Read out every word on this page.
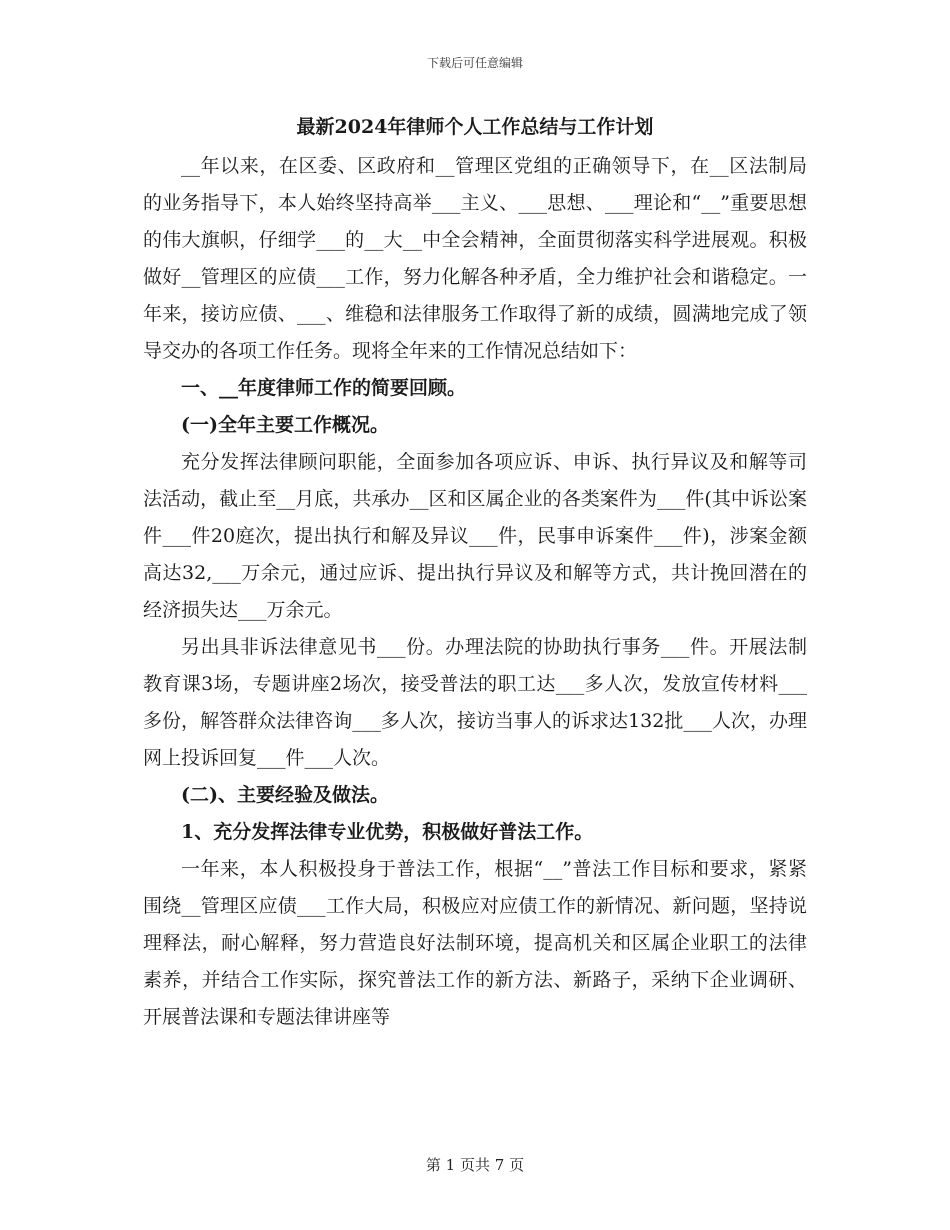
下载后可任意编辑
最新2024年律师个人工作总结与工作计划

__年以来，在区委、区政府和__管理区党组的正确领导下，在__区法制局的业务指导下，本人始终坚持高举___主义、___思想、___理论和“__”重要思想的伟大旗帜，仔细学___的__大__中全会精神，全面贯彻落实科学进展观。积极做好__管理区的应债___工作，努力化解各种矛盾，全力维护社会和谐稳定。一年来，接访应债、___、维稳和法律服务工作取得了新的成绩，圆满地完成了领导交办的各项工作任务。现将全年来的工作情况总结如下：

一、__年度律师工作的简要回顾。

(一)全年主要工作概况。

充分发挥法律顾问职能，全面参加各项应诉、申诉、执行异议及和解等司法活动，截止至__月底，共承办__区和区属企业的各类案件为___件(其中诉讼案件___件20庭次，提出执行和解及异议___件，民事申诉案件___件)，涉案金额高达32,___万余元，通过应诉、提出执行异议及和解等方式，共计挽回潜在的经济损失达___万余元。

另出具非诉法律意见书___份。办理法院的协助执行事务___件。开展法制教育课3场，专题讲座2场次，接受普法的职工达___多人次，发放宣传材料___多份，解答群众法律咨询___多人次，接访当事人的诉求达132批___人次，办理网上投诉回复___件___人次。

(二)、主要经验及做法。

1、充分发挥法律专业优势，积极做好普法工作。

一年来，本人积极投身于普法工作，根据“__”普法工作目标和要求，紧紧围绕__管理区应债___工作大局，积极应对应债工作的新情况、新问题，坚持说理释法，耐心解释，努力营造良好法制环境，提高机关和区属企业职工的法律素养，并结合工作实际，探究普法工作的新方法、新路子，采纳下企业调研、开展普法课和专题法律讲座等

第 1 页共 7 页
